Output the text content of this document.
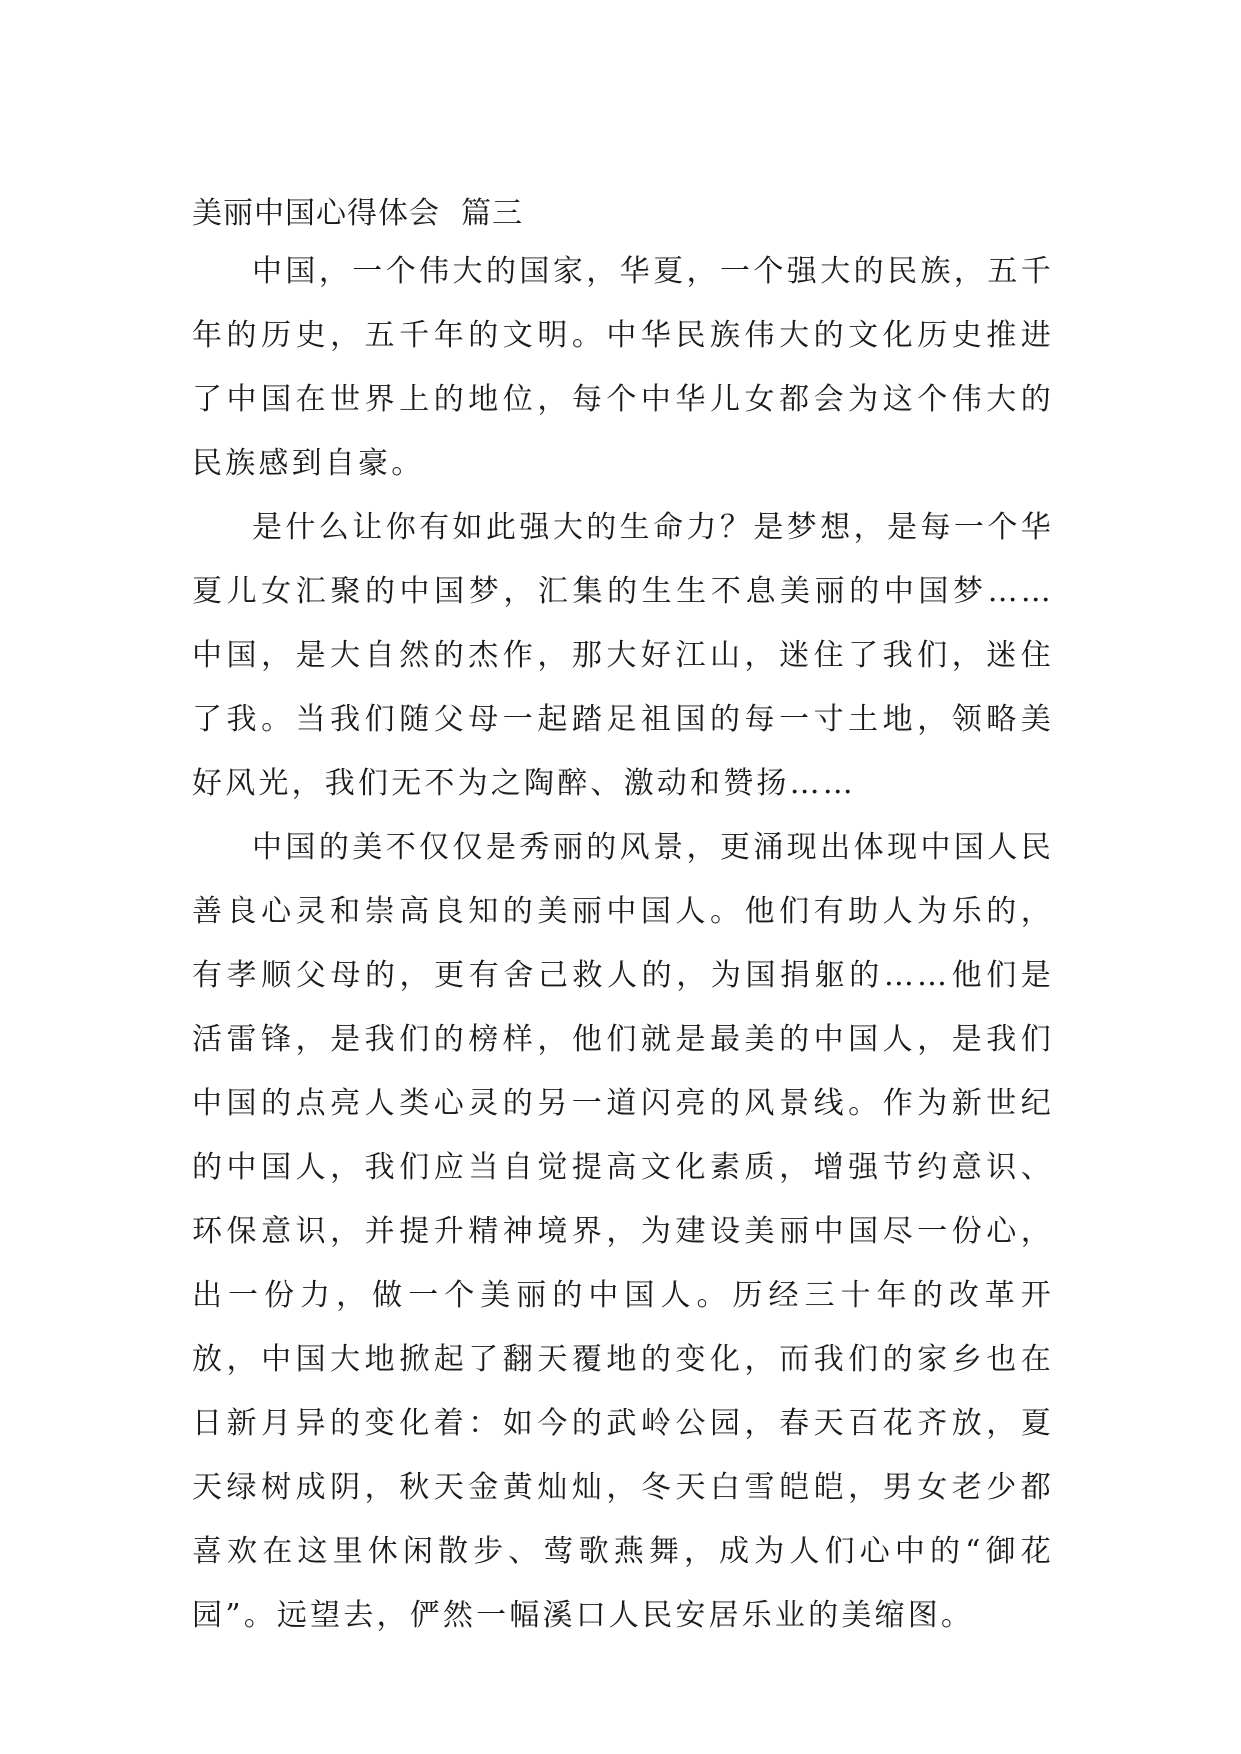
美丽中国心得体会  篇三

中国，一个伟大的国家，华夏，一个强大的民族，五千年的历史，五千年的文明。中华民族伟大的文化历史推进了中国在世界上的地位，每个中华儿女都会为这个伟大的民族感到自豪。

是什么让你有如此强大的生命力？是梦想，是每一个华夏儿女汇聚的中国梦，汇集的生生不息美丽的中国梦……中国，是大自然的杰作，那大好江山，迷住了我们，迷住了我。当我们随父母一起踏足祖国的每一寸土地，领略美好风光，我们无不为之陶醉、激动和赞扬……

中国的美不仅仅是秀丽的风景，更涌现出体现中国人民善良心灵和崇高良知的美丽中国人。他们有助人为乐的，有孝顺父母的，更有舍己救人的，为国捐躯的……他们是活雷锋，是我们的榜样，他们就是最美的中国人，是我们中国的点亮人类心灵的另一道闪亮的风景线。作为新世纪的中国人，我们应当自觉提高文化素质，增强节约意识、环保意识，并提升精神境界，为建设美丽中国尽一份心，出一份力，做一个美丽的中国人。历经三十年的改革开放，中国大地掀起了翻天覆地的变化，而我们的家乡也在日新月异的变化着：如今的武岭公园，春天百花齐放，夏天绿树成阴，秋天金黄灿灿，冬天白雪皑皑，男女老少都喜欢在这里休闲散步、莺歌燕舞，成为人们心中的“御花园”。远望去，俨然一幅溪口人民安居乐业的美缩图。
